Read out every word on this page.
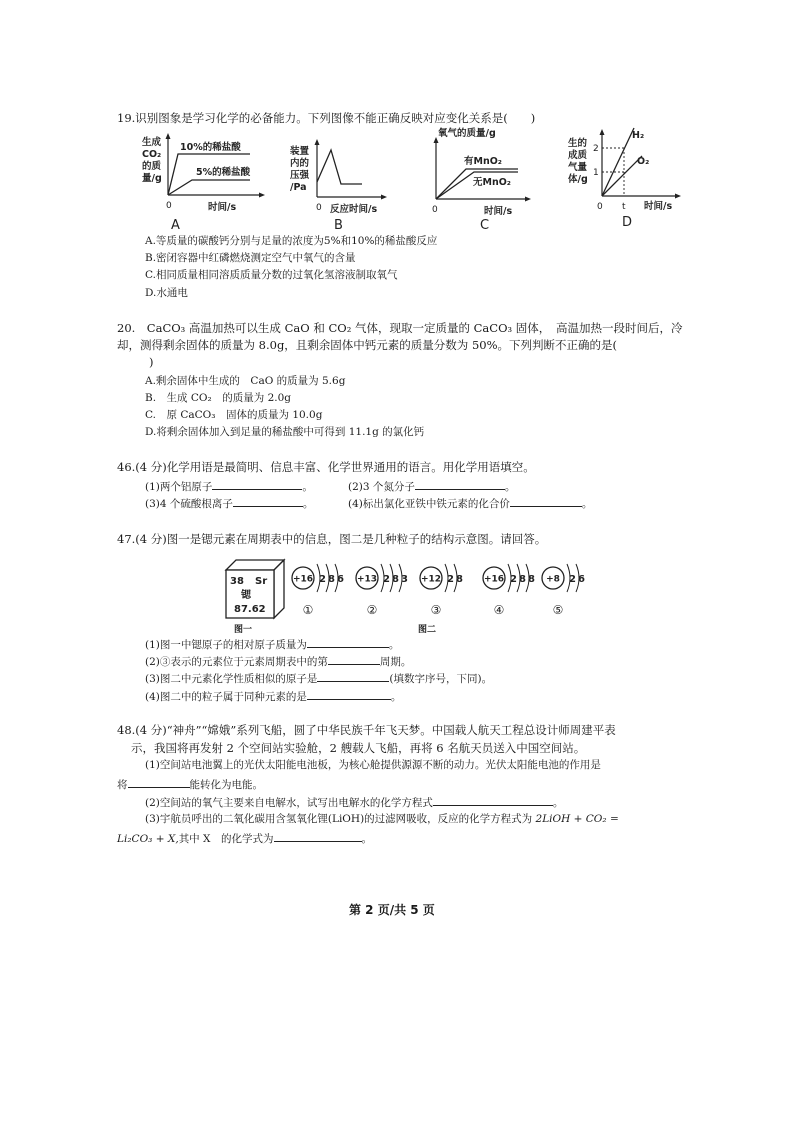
19.识别图象是学习化学的必备能力。下列图像不能正确反映对应变化关系是(　　)
生成
CO₂
的质
量/g
10%的稀盐酸
5%的稀盐酸
0	时间/s
A
装置
内的
压强
/Pa
0 反应时间/s
B
氧气的质量/g
有MnO₂
无MnO₂
0	时间/s
C
生的
成质
气量
体/g
2
1
H₂
O₂
0 t 时间/s
D
A.等质量的碳酸钙分别与足量的浓度为5%和10%的稀盐酸反应
B.密闭容器中红磷燃烧测定空气中氧气的含量
C.相同质量相同溶质质量分数的过氧化氢溶液制取氧气
D.水通电
20.　CaCO₃ 高温加热可以生成 CaO 和 CO₂ 气体，现取一定质量的 CaCO₃ 固体，　高温加热一段时间后，冷
却，测得剩余固体的质量为 8.0g，且剩余固体中钙元素的质量分数为 50%。下列判断不正确的是(
)
A.剩余固体中生成的　CaO 的质量为 5.6g
B.　生成 CO₂　的质量为 2.0g
C.　原 CaCO₃　固体的质量为 10.0g
D.将剩余固体加入到足量的稀盐酸中可得到 11.1g 的氯化钙
46.(4 分)化学用语是最简明、信息丰富、化学世界通用的语言。用化学用语填空。
(1)两个铝原子	。	(2)3 个氮分子	。
(3)4 个硫酸根离子	。	(4)标出氯化亚铁中铁元素的化合价	。
47.(4 分)图一是锶元素在周期表中的信息，图二是几种粒子的结构示意图。请回答。
38 Sr
锶
87.62
图一
+16 2 8 6
①
+13 2 8 3
②
+12 2 8
③
+16 2 8 8
④
+8 2 6
⑤
图二
(1)图一中锶原子的相对原子质量为	。
(2)③表示的元素位于元素周期表中的第	周期。
(3)图二中元素化学性质相似的原子是	(填数字序号，下同)。
(4)图二中的粒子属于同种元素的是	。
48.(4 分)“神舟”“嫦娥”系列飞船，圆了中华民族千年飞天梦。中国载人航天工程总设计师周建平表
示，我国将再发射 2 个空间站实验舱，2 艘载人飞船，再将 6 名航天员送入中国空间站。
(1)空间站电池翼上的光伏太阳能电池板，为核心舱提供源源不断的动力。光伏太阳能电池的作用是
将	能转化为电能。
(2)空间站的氧气主要来自电解水，试写出电解水的化学方程式	。
(3)宇航员呼出的二氧化碳用含氢氧化锂(LiOH)的过滤网吸收，反应的化学方程式为 2LiOH + CO₂ =
Li₂CO₃ + X,其中 X　的化学式为	。
第 2 页/共 5 页
